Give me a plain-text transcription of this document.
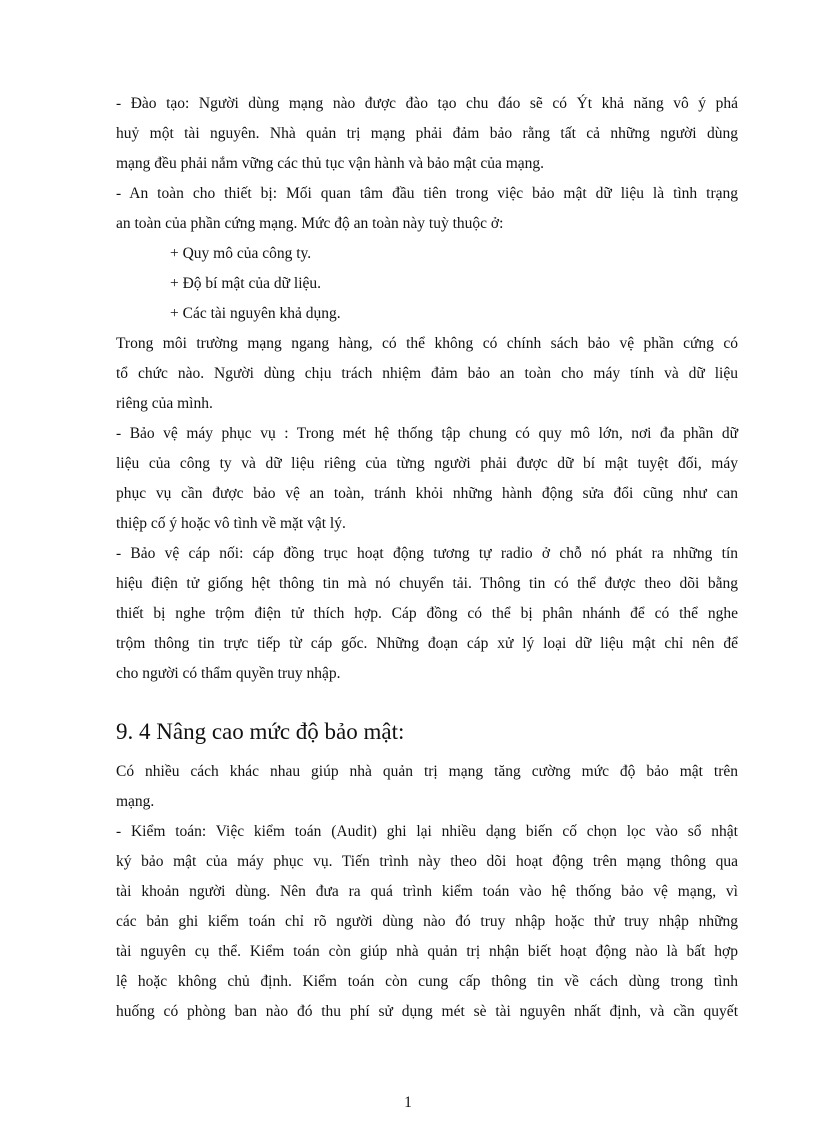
- Đào tạo: Người dùng mạng nào được đào tạo chu đáo sẽ có Ýt khả năng vô ý phá

huỷ một tài nguyên. Nhà quản trị mạng phải đảm bảo rằng tất cả những người dùng

mạng đều phải nắm vững các thủ tục vận hành và bảo mật của mạng.

- An toàn cho thiết bị: Mối quan tâm đầu tiên trong việc bảo mật dữ liệu là tình trạng

an toàn của phần cứng mạng. Mức độ an toàn này tuỳ thuộc ở:

+ Quy mô của công ty.

+ Độ bí mật của dữ liệu.

+ Các tài nguyên khả dụng.

Trong môi trường mạng ngang hàng, có thể không có chính sách bảo vệ phần cứng có

tổ chức nào. Người dùng chịu trách nhiệm đảm bảo an toàn cho máy tính và dữ liệu

riêng của mình.

- Bảo vệ máy phục vụ : Trong mét hệ thống tập chung có quy mô lớn, nơi đa phần dữ

liệu của công ty và dữ liệu riêng của từng người phải được dữ bí mật tuyệt đối, máy

phục vụ cần được bảo vệ an toàn, tránh khỏi những hành động sửa đổi cũng như can

thiệp cố ý hoặc vô tình về mặt vật lý.

- Bảo vệ cáp nối: cáp đồng trục hoạt động tương tự radio ở chỗ nó phát ra những tín

hiệu điện tử giống hệt thông tin mà nó chuyển tải. Thông tin có thể được theo dõi bằng

thiết bị nghe trộm điện tử thích hợp. Cáp đồng có thể bị phân nhánh để có thể nghe

trộm thông tin trực tiếp từ cáp gốc. Những đoạn cáp xử lý loại dữ liệu mật chỉ nên để

cho người có thẩm quyền truy nhập.

9. 4 Nâng cao mức độ bảo mật:

Có nhiều cách khác nhau giúp nhà quản trị mạng tăng cường mức độ bảo mật trên

mạng.

- Kiểm toán: Việc kiểm toán (Audit) ghi lại nhiều dạng biến cố chọn lọc vào sổ nhật

ký bảo mật của máy phục vụ. Tiến trình này theo dõi hoạt động trên mạng thông qua

tài khoản người dùng. Nên đưa ra quá trình kiểm toán vào hệ thống bảo vệ mạng, vì

các bản ghi kiểm toán chỉ rõ người dùng nào đó truy nhập hoặc thử truy nhập những

tài nguyên cụ thể. Kiểm toán còn giúp nhà quản trị nhận biết hoạt động nào là bất hợp

lệ hoặc không chủ định. Kiểm toán còn cung cấp thông tin về cách dùng trong tình

huống có phòng ban nào đó thu phí sử dụng mét sè tài nguyên nhất định, và cần quyết

1
